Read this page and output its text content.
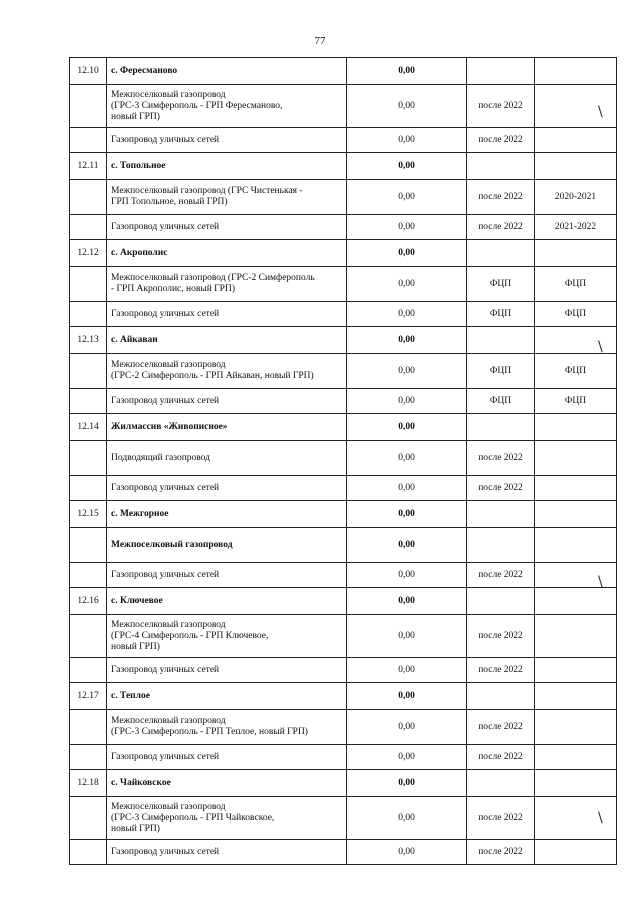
77
12.10	с. Фересманово	0,00		

	Межпоселковый газопровод
(ГРС-3 Симферополь - ГРП Фересманово,
новый ГРП)	0,00	после 2022	

	Газопровод уличных сетей	0,00	после 2022	
12.11	с. Топольное	0,00		

	Межпоселковый газопровод (ГРС Чистенькая -
ГРП Топольное, новый ГРП)	0,00	после 2022	2020-2021

	Газопровод уличных сетей	0,00	после 2022	2021-2022
12.12	с. Акрополис	0,00		

	Межпоселковый газопровод (ГРС-2 Симферополь
- ГРП Акрополис, новый ГРП)	0,00	ФЦП	ФЦП

	Газопровод уличных сетей	0,00	ФЦП	ФЦП
12.13	с. Айкаван	0,00		

	Межпоселковый газопровод
(ГРС-2 Симферополь - ГРП Айкаван, новый ГРП)	0,00	ФЦП	ФЦП

	Газопровод уличных сетей	0,00	ФЦП	ФЦП
12.14	Жилмассив «Живописное»	0,00		

	Подводящий газопровод	0,00	после 2022	

	Газопровод уличных сетей	0,00	после 2022	
12.15	с. Межгорное	0,00		

	Межпоселковый газопровод	0,00		

	Газопровод уличных сетей	0,00	после 2022	
12.16	с. Ключевое	0,00		

	Межпоселковый газопровод
(ГРС-4 Симферополь - ГРП Ключевое,
новый ГРП)	0,00	после 2022	

	Газопровод уличных сетей	0,00	после 2022	
12.17	с. Теплое	0,00		

	Межпоселковый газопровод
(ГРС-3 Симферополь - ГРП Теплое, новый ГРП)	0,00	после 2022	

	Газопровод уличных сетей	0,00	после 2022	
12.18	с. Чайковское	0,00		

	Межпоселковый газопровод
(ГРС-3 Симферополь - ГРП Чайковское,
новый ГРП)	0,00	после 2022	

	Газопровод уличных сетей	0,00	после 2022	
\
\
\
\
